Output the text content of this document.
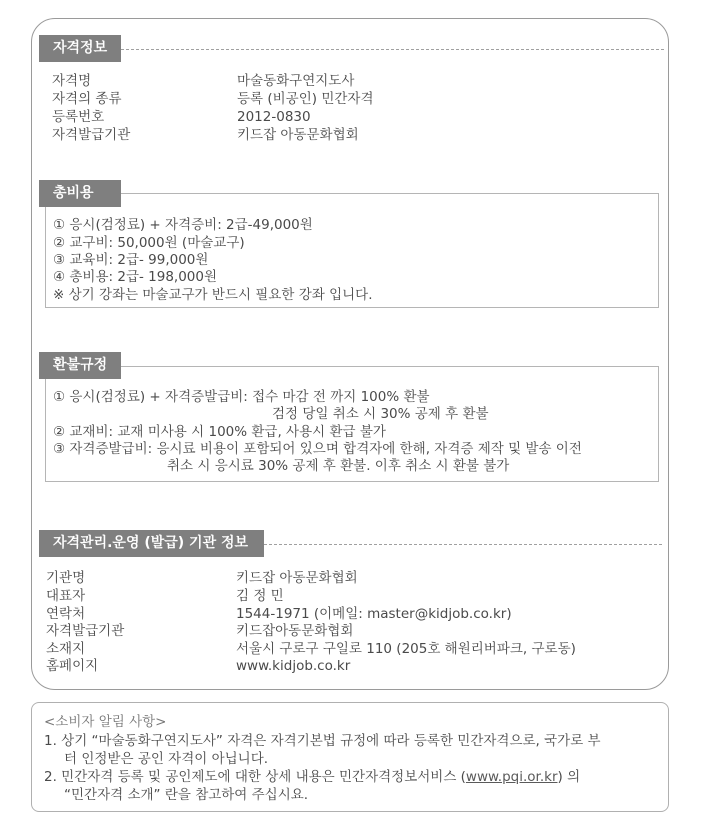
자격정보
자격명	마술동화구연지도사
자격의 종류	등록 (비공인) 민간자격
등록번호	2012-0830
자격발급기관	키드잡 아동문화협회
총비용
① 응시(검정료) + 자격증비: 2급-49,000원
② 교구비: 50,000원 (마술교구)
③ 교육비: 2급- 99,000원
④ 총비용: 2급- 198,000원
※ 상기 강좌는 마술교구가 반드시 필요한 강좌 입니다.
환불규정
① 응시(검정료) + 자격증발급비: 접수 마감 전 까지 100% 환불
검정 당일 취소 시 30% 공제 후 환불
② 교재비: 교재 미사용 시 100% 환급, 사용시 환급 불가
③ 자격증발급비: 응시료 비용이 포함되어 있으며 합격자에 한해, 자격증 제작 및 발송 이전
취소 시 응시료 30% 공제 후 환불. 이후 취소 시 환불 불가
자격관리.운영 (발급) 기관 정보
기관명	키드잡 아동문화협회
대표자	김 정 민
연락처	1544-1971 (이메일: master@kidjob.co.kr)
자격발급기관	키드잡아동문화협회
소재지	서울시 구로구 구일로 110 (205호 해원리버파크, 구로동)
홈페이지	www.kidjob.co.kr
<소비자 알림 사항>
1. 상기 “마술동화구연지도사” 자격은 자격기본법 규정에 따라 등록한 민간자격으로, 국가로 부
터 인정받은 공인 자격이 아닙니다.
2. 민간자격 등록 및 공인제도에 대한 상세 내용은 민간자격정보서비스 (www.pqi.or.kr) 의
“민간자격 소개” 란을 참고하여 주십시요.
